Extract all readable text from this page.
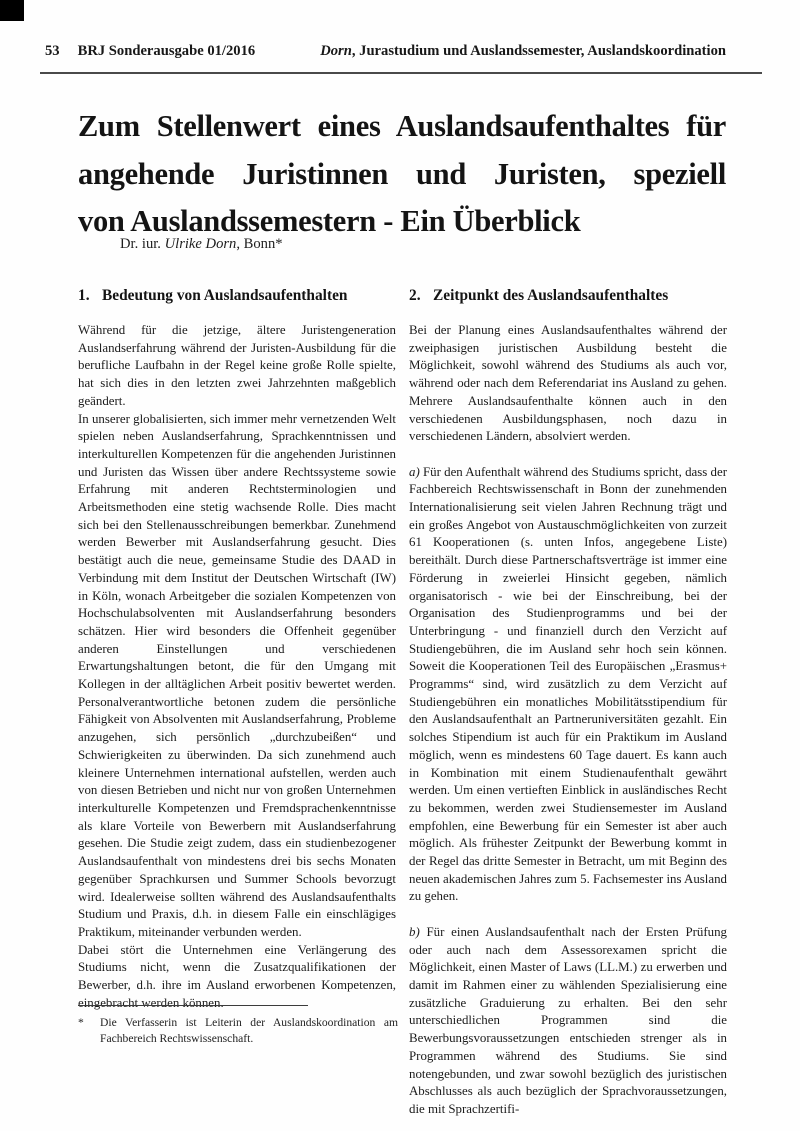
53 BRJ Sonderausgabe 01/2016	Dorn, Jurastudium und Auslandssemester, Auslandskoordination
Zum Stellenwert eines Auslandsaufenthaltes für
angehende Juristinnen und Juristen, speziell
von Auslandssemestern - Ein Überblick
Dr. iur. Ulrike Dorn, Bonn*
1. Bedeutung von Auslandsaufenthalten

Während für die jetzige, ältere Juristengeneration Auslandserfahrung während der Juristen-Ausbildung für die berufliche Laufbahn in der Regel keine große Rolle spielte, hat sich dies in den letzten zwei Jahrzehnten maßgeblich geändert.

In unserer globalisierten, sich immer mehr vernetzenden Welt spielen neben Auslandserfahrung, Sprachkenntnissen und interkulturellen Kompetenzen für die angehenden Juristinnen und Juristen das Wissen über andere Rechtssysteme sowie Erfahrung mit anderen Rechtsterminologien und Arbeitsmethoden eine stetig wachsende Rolle. Dies macht sich bei den Stellenausschreibungen bemerkbar. Zunehmend werden Bewerber mit Auslandserfahrung gesucht. Dies bestätigt auch die neue, gemeinsame Studie des DAAD in Verbindung mit dem Institut der Deutschen Wirtschaft (IW) in Köln, wonach Arbeitgeber die sozialen Kompetenzen von Hochschulabsolventen mit Auslandserfahrung besonders schätzen. Hier wird besonders die Offenheit gegenüber anderen Einstellungen und verschiedenen Erwartungshaltungen betont, die für den Umgang mit Kollegen in der alltäglichen Arbeit positiv bewertet werden. Personalverantwortliche betonen zudem die persönliche Fähigkeit von Absolventen mit Auslandserfahrung, Probleme anzugehen, sich persönlich „durchzubeißen“ und Schwierigkeiten zu überwinden. Da sich zunehmend auch kleinere Unternehmen international aufstellen, werden auch von diesen Betrieben und nicht nur von großen Unternehmen interkulturelle Kompetenzen und Fremdsprachenkenntnisse als klare Vorteile von Bewerbern mit Auslandserfahrung gesehen. Die Studie zeigt zudem, dass ein studienbezogener Auslandsaufenthalt von mindestens drei bis sechs Monaten gegenüber Sprachkursen und Summer Schools bevorzugt wird. Idealerweise sollten während des Auslandsaufenthalts Studium und Praxis, d.h. in diesem Falle ein einschlägiges Praktikum, miteinander verbunden werden.

Dabei stört die Unternehmen eine Verlängerung des Studiums nicht, wenn die Zusatzqualifikationen der Bewerber, d.h. ihre im Ausland erworbenen Kompetenzen, eingebracht werden können.

2. Zeitpunkt des Auslandsaufenthaltes

Bei der Planung eines Auslandsaufenthaltes während der zweiphasigen juristischen Ausbildung besteht die Möglichkeit, sowohl während des Studiums als auch vor, während oder nach dem Referendariat ins Ausland zu gehen. Mehrere Auslandsaufenthalte können auch in den verschiedenen Ausbildungsphasen, noch dazu in verschiedenen Ländern, absolviert werden.

a) Für den Aufenthalt während des Studiums spricht, dass der Fachbereich Rechtswissenschaft in Bonn der zunehmenden Internationalisierung seit vielen Jahren Rechnung trägt und ein großes Angebot von Austauschmöglichkeiten von zurzeit 61 Kooperationen (s. unten Infos, angegebene Liste) bereithält. Durch diese Partnerschaftsverträge ist immer eine Förderung in zweierlei Hinsicht gegeben, nämlich organisatorisch - wie bei der Einschreibung, bei der Organisation des Studienprogramms und bei der Unterbringung - und finanziell durch den Verzicht auf Studiengebühren, die im Ausland sehr hoch sein können. Soweit die Kooperationen Teil des Europäischen „Erasmus+ Programms“ sind, wird zusätzlich zu dem Verzicht auf Studiengebühren ein monatliches Mobilitätsstipendium für den Auslandsaufenthalt an Partneruniversitäten gezahlt. Ein solches Stipendium ist auch für ein Praktikum im Ausland möglich, wenn es mindestens 60 Tage dauert. Es kann auch in Kombination mit einem Studienaufenthalt gewährt werden. Um einen vertieften Einblick in ausländisches Recht zu bekommen, werden zwei Studiensemester im Ausland empfohlen, eine Bewerbung für ein Semester ist aber auch möglich. Als frühester Zeitpunkt der Bewerbung kommt in der Regel das dritte Semester in Betracht, um mit Beginn des neuen akademischen Jahres zum 5. Fachsemester ins Ausland zu gehen.

b) Für einen Auslandsaufenthalt nach der Ersten Prüfung oder auch nach dem Assessorexamen spricht die Möglichkeit, einen Master of Laws (LL.M.) zu erwerben und damit im Rahmen einer zu wählenden Spezialisierung eine zusätzliche Graduierung zu erhalten. Bei den sehr unterschiedlichen Programmen sind die Bewerbungsvoraussetzungen entschieden strenger als in Programmen während des Studiums. Sie sind notengebunden, und zwar sowohl bezüglich des juristischen Abschlusses als auch bezüglich der Sprachvoraussetzungen, die mit Sprachzertifi-

*	Die Verfasserin ist Leiterin der Auslandskoordination am Fachbereich Rechtswissenschaft.
